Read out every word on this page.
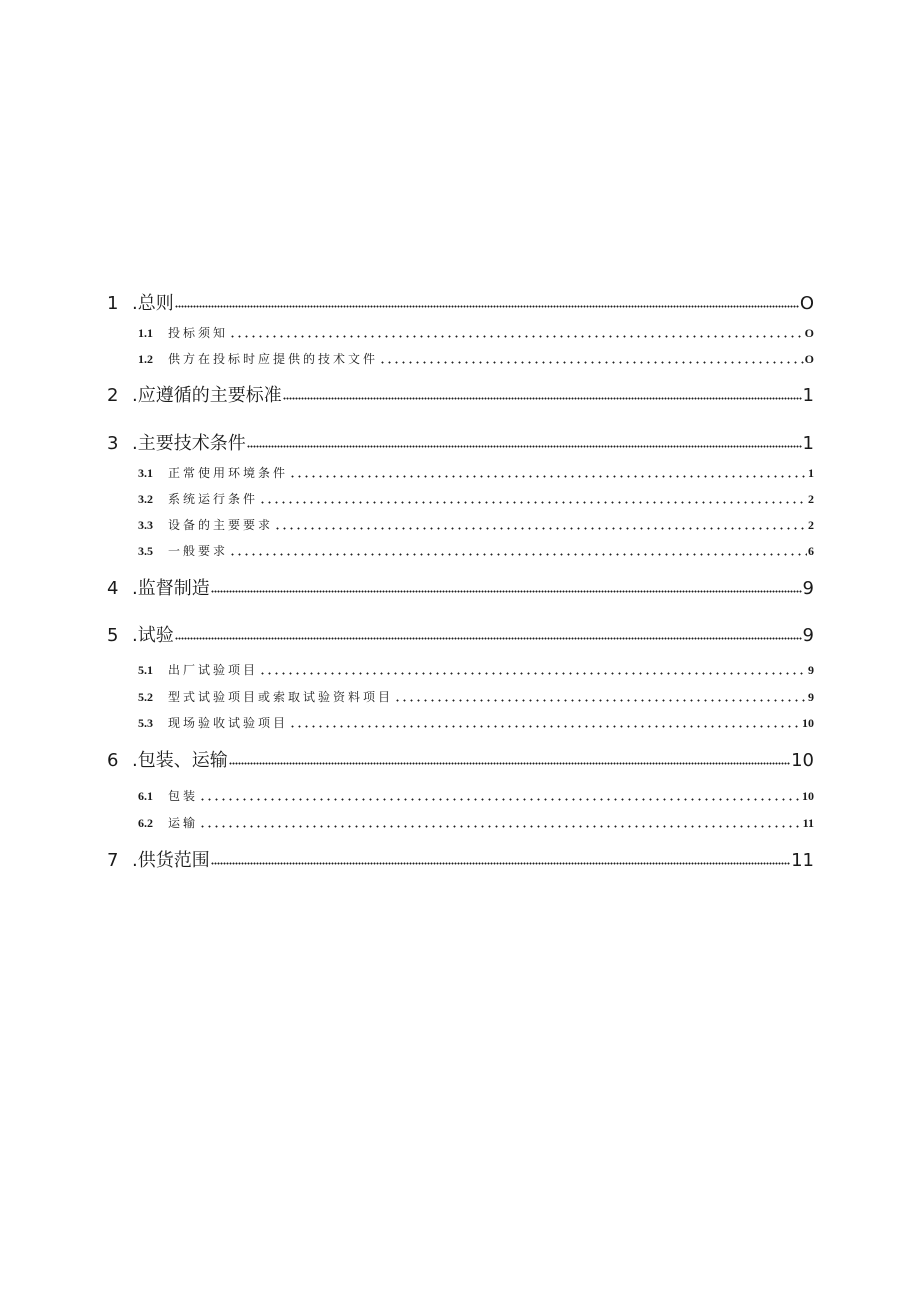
1 .总则	O
1.1	投标须知	O
1.2	供方在投标时应提供的技术文件	O
2 .应遵循的主要标准	1
3 .主要技术条件	1
3.1	正常使用环境条件	1
3.2	系统运行条件	2
3.3	设备的主要要求	2
3.5	一般要求	6
4 .监督制造	9
5 .试验	9
5.1	出厂试验项目	9
5.2	型式试验项目或索取试验资料项目	9
5.3	现场验收试验项目	10
6 .包装、运输	10
6.1	包装	10
6.2	运输	11
7 .供货范围	11
